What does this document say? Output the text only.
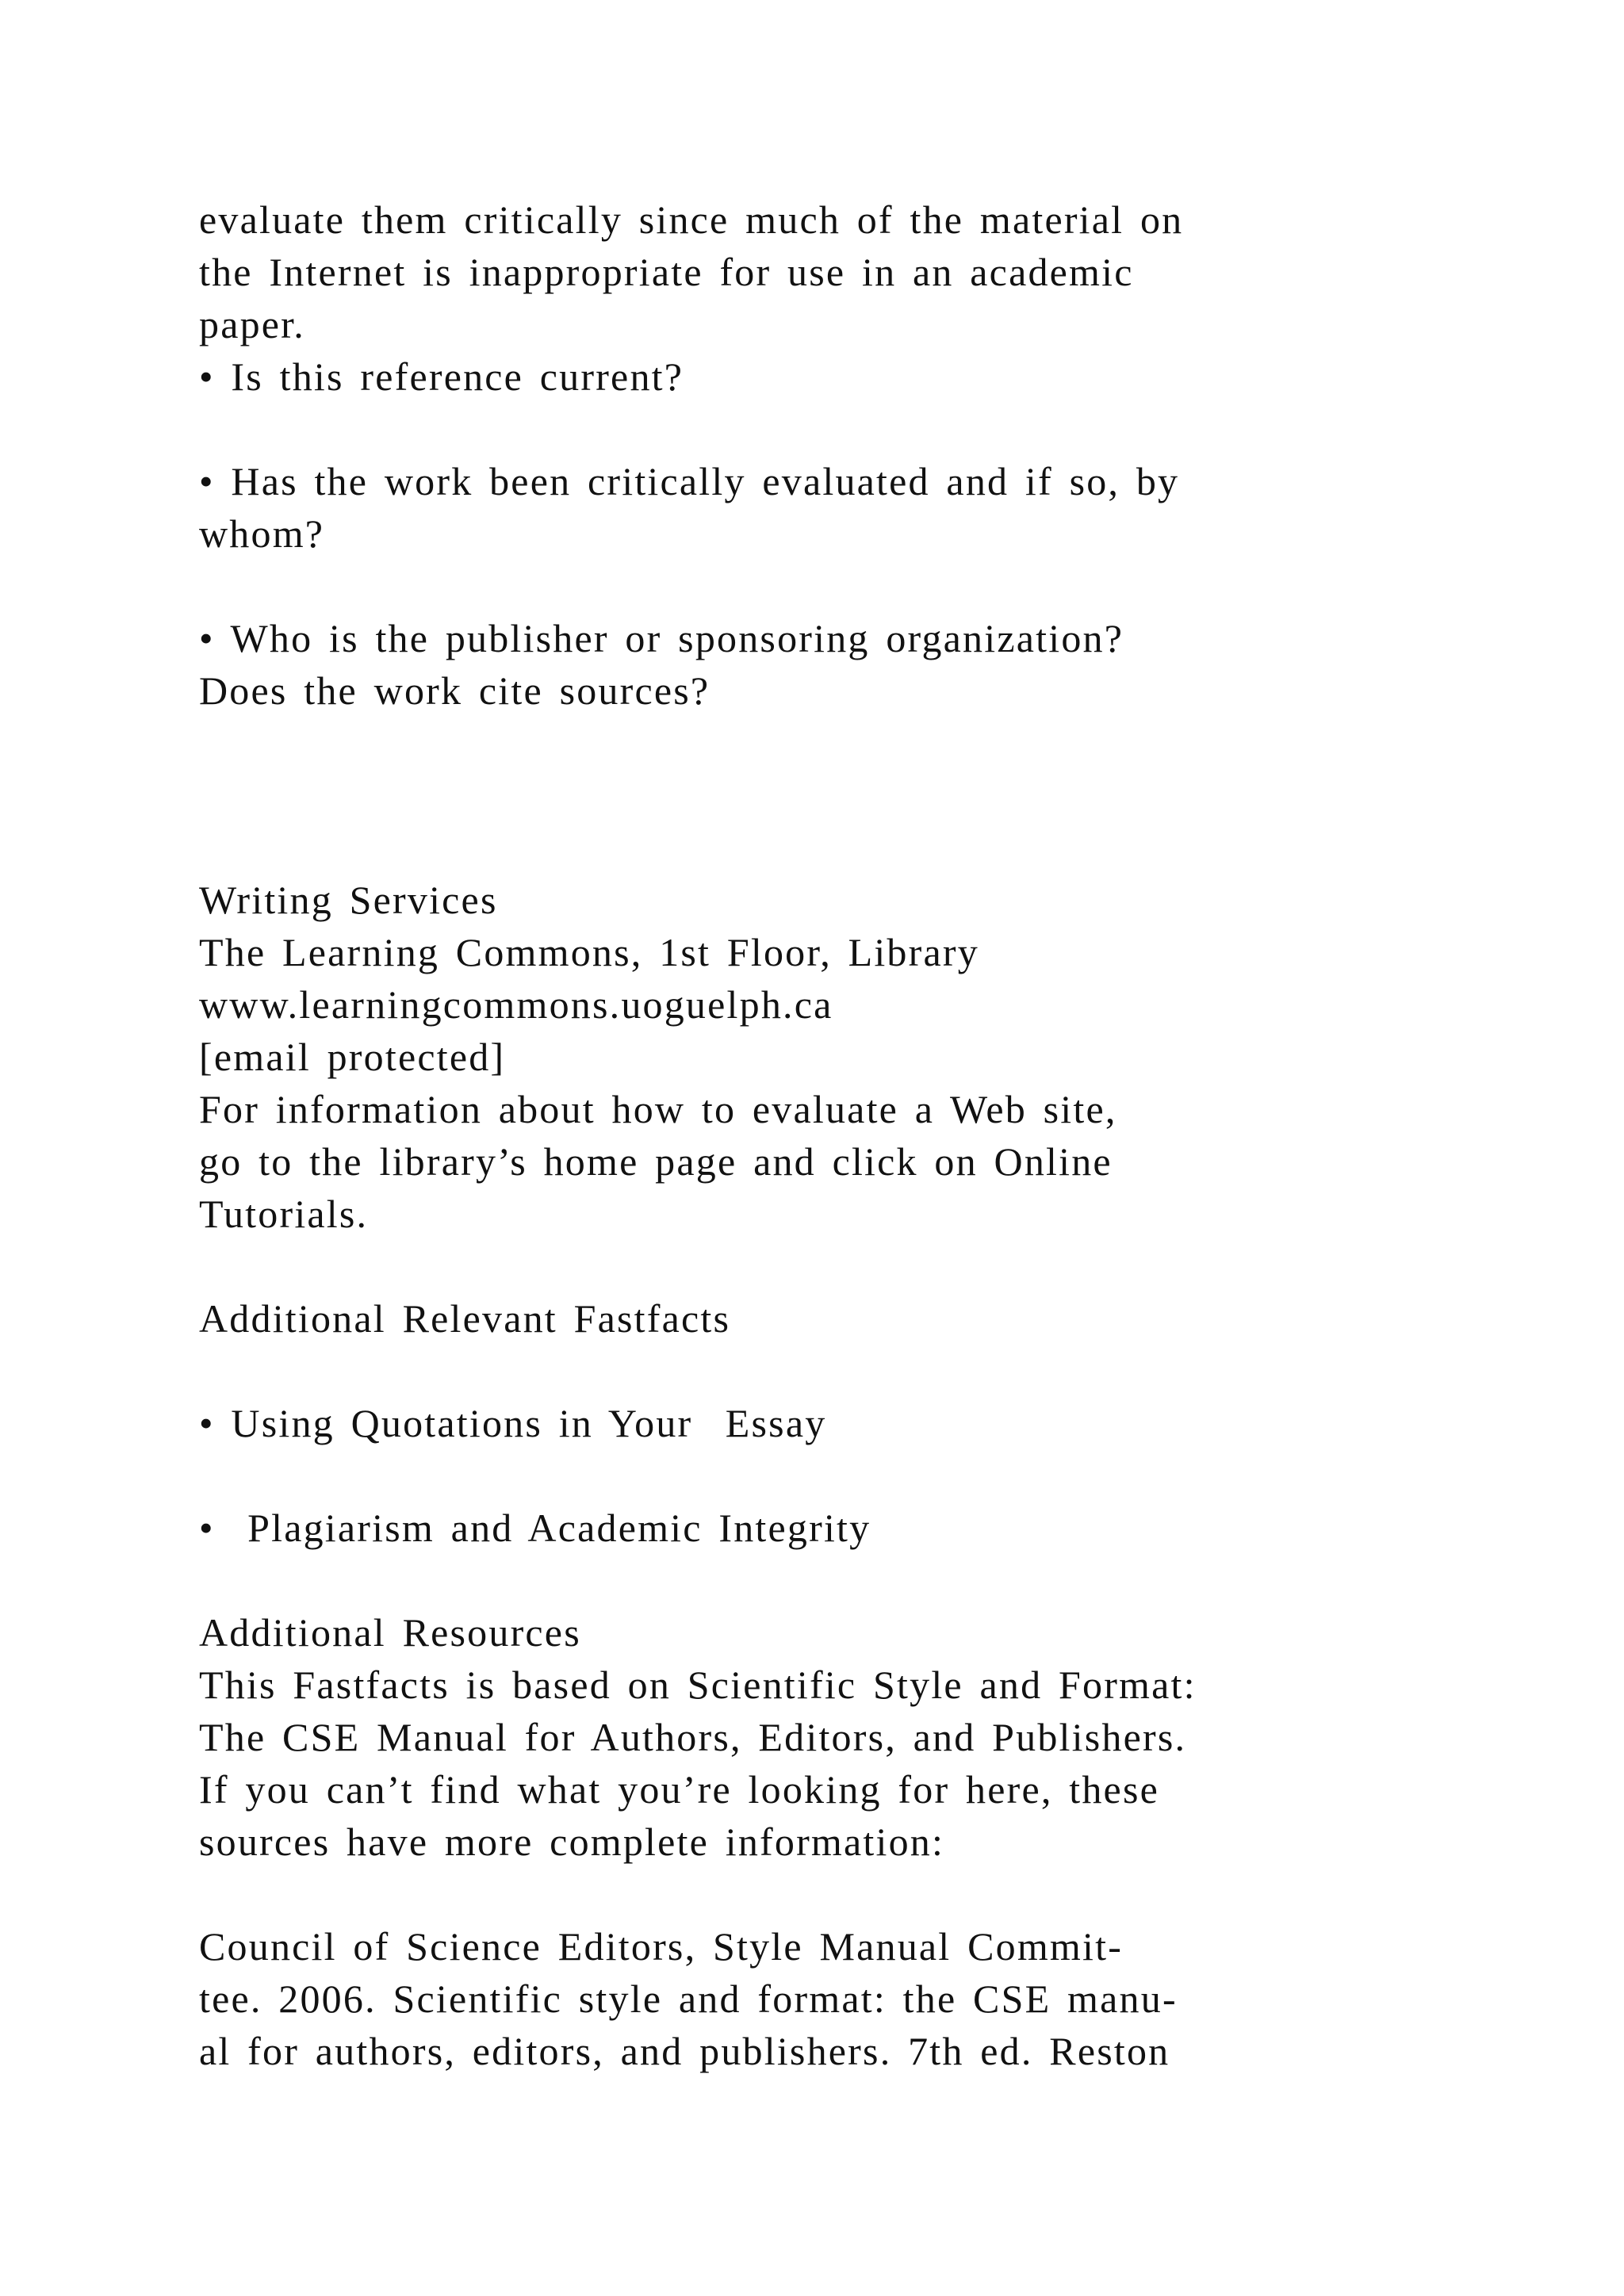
evaluate them critically since much of the material on
the Internet is inappropriate for use in an academic
paper.
• Is this reference current?
• Has the work been critically evaluated and if so, by
whom?
• Who is the publisher or sponsoring organization?
Does the work cite sources?
Writing Services
The Learning Commons, 1st Floor, Library
www.learningcommons.uoguelph.ca
[email protected]
For information about how to evaluate a Web site,
go to the library’s home page and click on Online
Tutorials.
Additional Relevant Fastfacts
• Using Quotations in Your  Essay
•  Plagiarism and Academic Integrity
Additional Resources
This Fastfacts is based on Scientific Style and Format:
The CSE Manual for Authors, Editors, and Publishers.
If you can’t find what you’re looking for here, these
sources have more complete information:
Council of Science Editors, Style Manual Commit-
tee. 2006. Scientific style and format: the CSE manu-
al for authors, editors, and publishers. 7th ed. Reston
